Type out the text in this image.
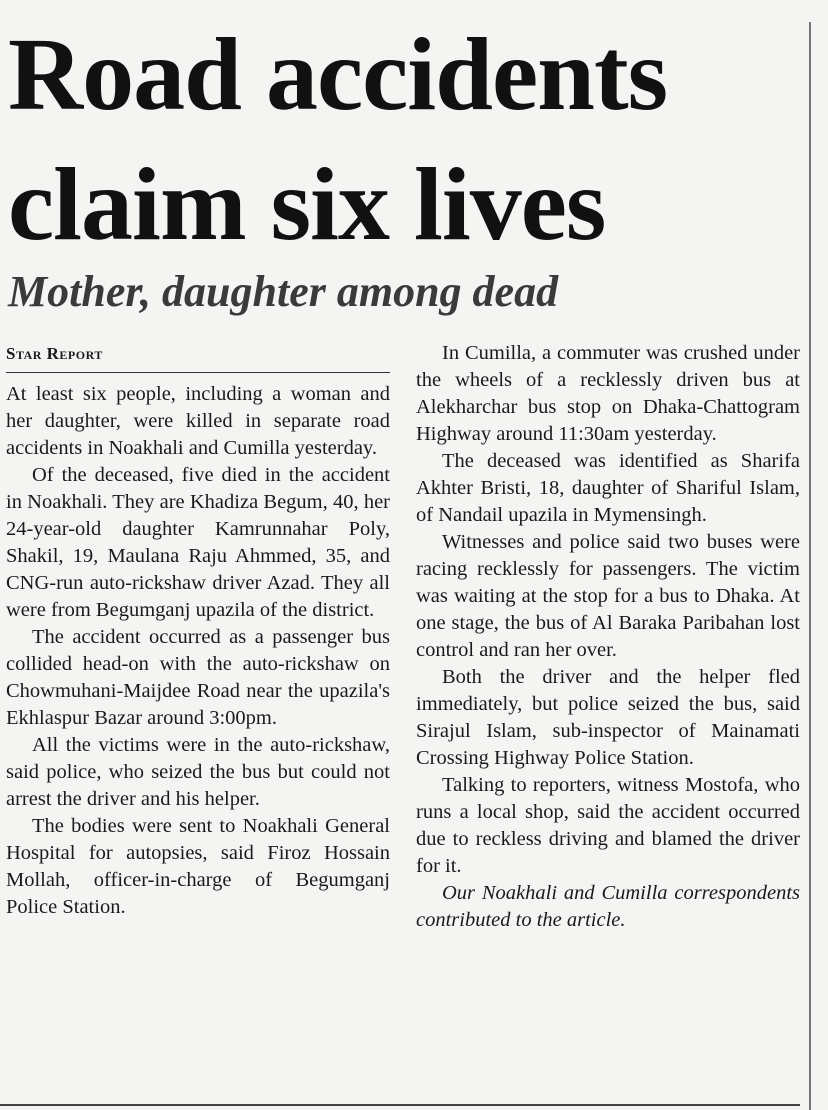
Road accidents
claim six lives
Mother, daughter among dead
Star Report

At least six people, including a woman and her daughter, were killed in separate road accidents in Noakhali and Cumilla yesterday.

Of the deceased, five died in the accident in Noakhali. They are Khadiza Begum, 40, her 24-year-old daughter Kamrunnahar Poly, Shakil, 19, Maulana Raju Ahmmed, 35, and CNG-run auto-rickshaw driver Azad. They all were from Begumganj upazila of the district.

The accident occurred as a passenger bus collided head-on with the auto-rickshaw on Chowmuhani-Maijdee Road near the upazila's Ekhlaspur Bazar around 3:00pm.

All the victims were in the auto-rickshaw, said police, who seized the bus but could not arrest the driver and his helper.

The bodies were sent to Noakhali General Hospital for autopsies, said Firoz Hossain Mollah, officer-in-charge of Begumganj Police Station.

In Cumilla, a commuter was crushed under the wheels of a recklessly driven bus at Alekharchar bus stop on Dhaka-Chattogram Highway around 11:30am yesterday.

The deceased was identified as Sharifa Akhter Bristi, 18, daughter of Shariful Islam, of Nandail upazila in Mymensingh.

Witnesses and police said two buses were racing recklessly for passengers. The victim was waiting at the stop for a bus to Dhaka. At one stage, the bus of Al Baraka Paribahan lost control and ran her over.

Both the driver and the helper fled immediately, but police seized the bus, said Sirajul Islam, sub-inspector of Mainamati Crossing Highway Police Station.

Talking to reporters, witness Mostofa, who runs a local shop, said the accident occurred due to reckless driving and blamed the driver for it.

Our Noakhali and Cumilla correspondents contributed to the article.
